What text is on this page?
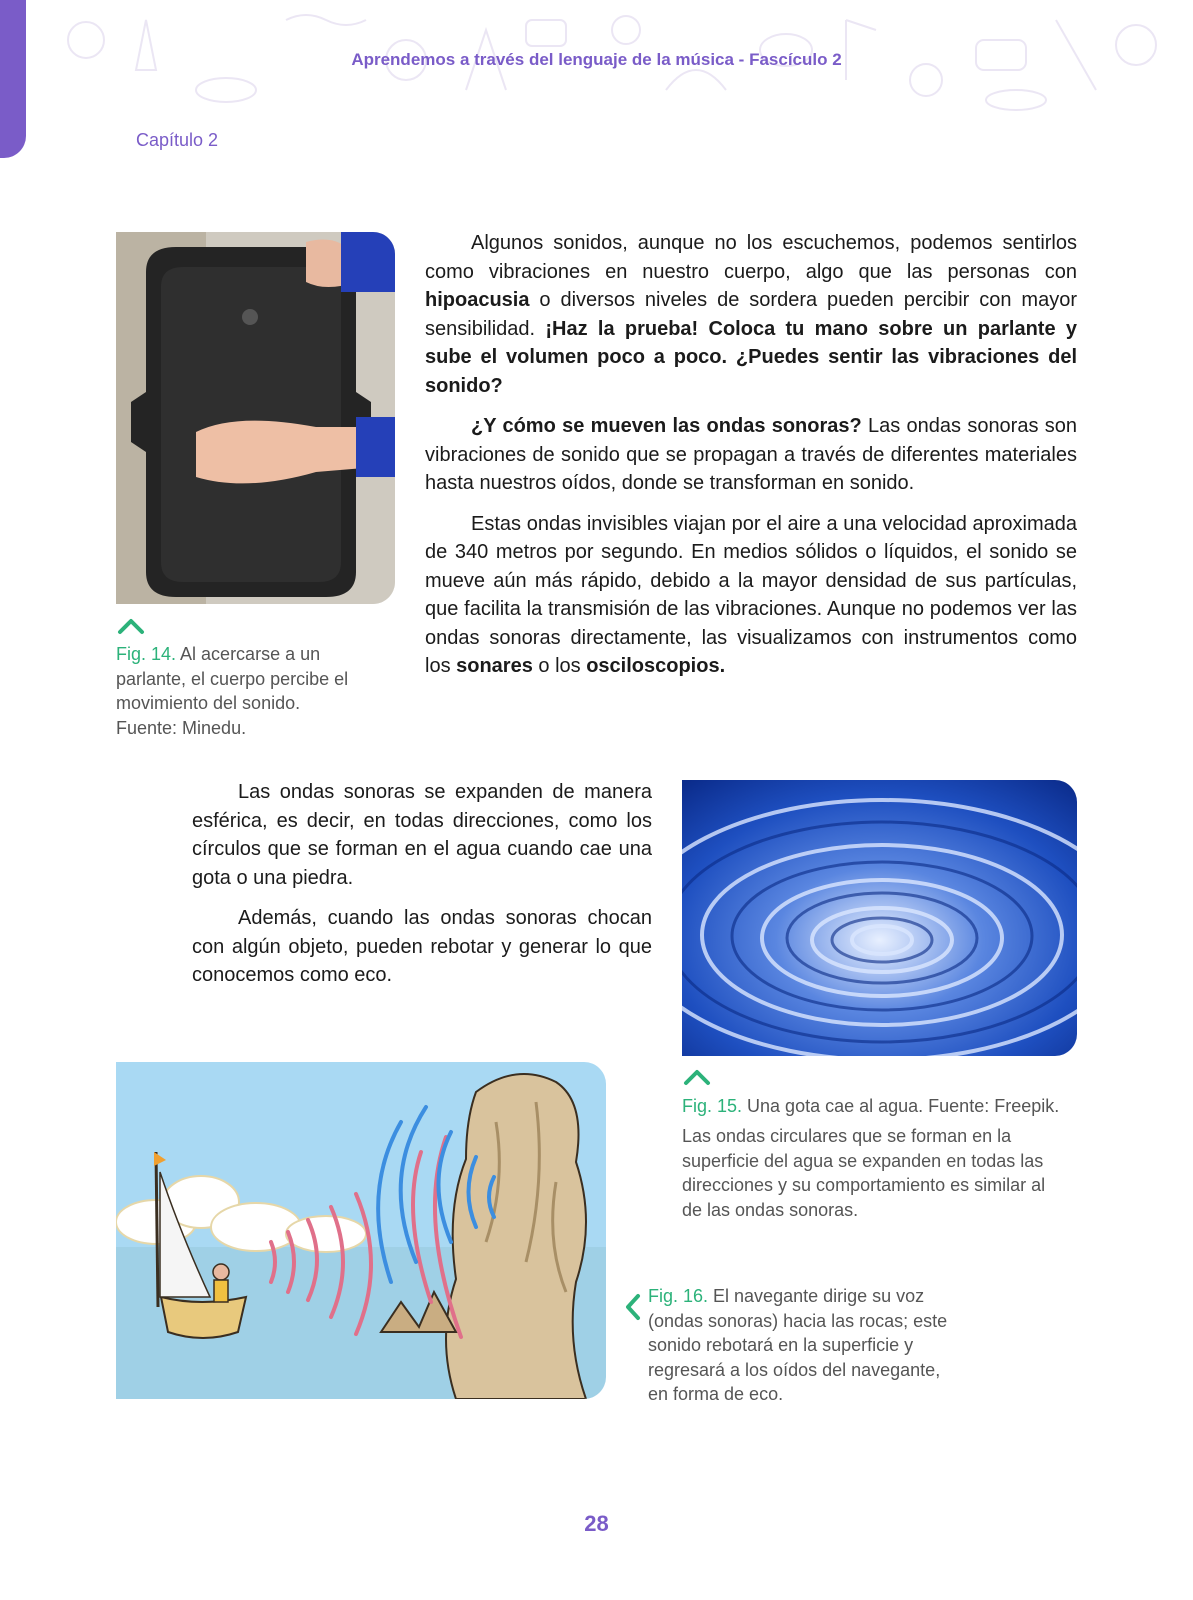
Aprendemos a través del lenguaje de la música - Fascículo 2
Capítulo 2
Fig. 14. Al acercarse a un parlante, el cuerpo percibe el movimiento del sonido. Fuente: Minedu.

Algunos sonidos, aunque no los escuchemos, podemos sentirlos como vibraciones en nuestro cuerpo, algo que las personas con hipoacusia o diversos niveles de sordera pueden percibir con mayor sensibilidad. ¡Haz la prueba! Coloca tu mano sobre un parlante y sube el volumen poco a poco. ¿Puedes sentir las vibraciones del sonido?

¿Y cómo se mueven las ondas sonoras? Las ondas sonoras son vibraciones de sonido que se propagan a través de diferentes materiales hasta nuestros oídos, donde se transforman en sonido.

Estas ondas invisibles viajan por el aire a una velocidad aproximada de 340 metros por segundo. En medios sólidos o líquidos, el sonido se mueve aún más rápido, debido a la mayor densidad de sus partículas, que facilita la transmisión de las vibraciones. Aunque no podemos ver las ondas sonoras directamente, las visualizamos con instrumentos como los sonares o los osciloscopios.

Las ondas sonoras se expanden de manera esférica, es decir, en todas direcciones, como los círculos que se forman en el agua cuando cae una gota o una piedra.

Además, cuando las ondas sonoras chocan con algún objeto, pueden rebotar y generar lo que conocemos como eco.

Fig. 15. Una gota cae al agua. Fuente: Freepik.
Las ondas circulares que se forman en la superficie del agua se expanden en todas las direcciones y su comportamiento es similar al de las ondas sonoras.
Fig. 16. El navegante dirige su voz (ondas sonoras) hacia las rocas; este sonido rebotará en la superficie y regresará a los oídos del navegante, en forma de eco.
28
